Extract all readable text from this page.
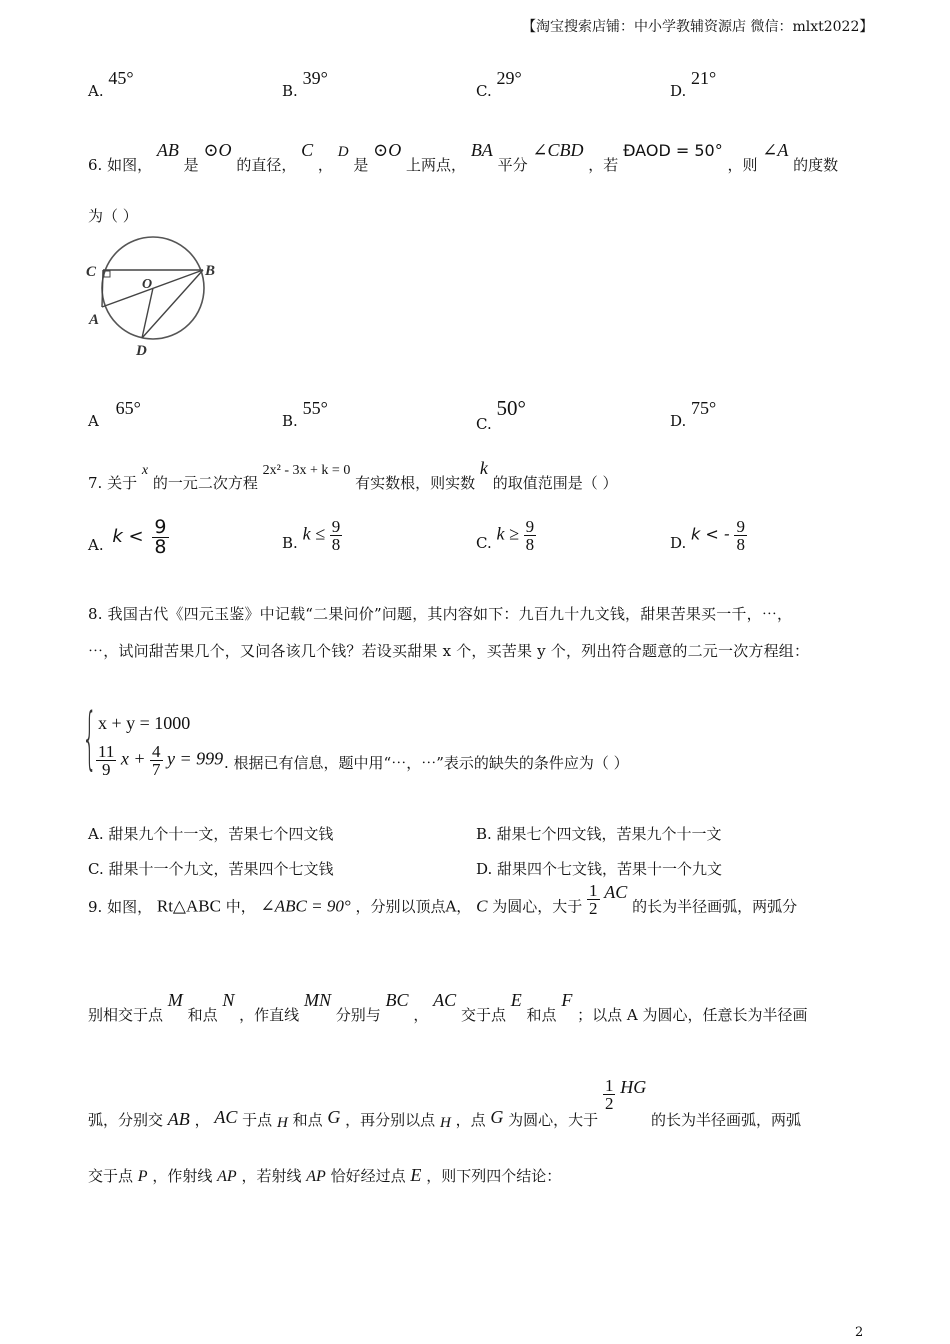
【淘宝搜索店铺：中小学教辅资源店 微信：mlxt2022】
A. 45°
B. 39°
C. 29°
D. 21°
6. 如图， AB 是 ⊙O 的直径， C ， D 是 ⊙O 上两点， BA 平分 ∠CBD ，若 ÐAOD = 50° ，则 ∠A 的度数
为（ ）
C
O
B
A
D
A 65°
B. 55°
C. 50°
D. 75°
7. 关于 x 的一元二次方程 2x² - 3x + k = 0 有实数根，则实数 k 的取值范围是（ ）
A. $k < \frac{9}{8}$	B. $k \le \frac{9}{8}$	C. $k \ge \frac{9}{8}$	D. k < - $\frac{9}{8}$
8. 我国古代《四元玉鉴》中记载“二果问价”问题，其内容如下：九百九十九文钱，甜果苦果买一千，⋯，
⋯，试问甜苦果几个，又问各该几个钱？若设买甜果 x 个，买苦果 y 个，列出符合题意的二元一次方程组：
{ x + y = 1000
$\frac{11}{9}$ $x + \frac{4}{7}$ y = 999 . 根据已有信息，题中用“⋯，⋯”表示的缺失的条件应为（ ）
A. 甜果九个十一文，苦果七个四文钱	B. 甜果七个四文钱，苦果九个十一文
C. 甜果十一个九文，苦果四个七文钱	D. 甜果四个七文钱，苦果十一个九文
9. 如图， Rt△ABC 中， ∠ABC = 90° ，分别以顶点A， C 为圆心，大于 $\frac{1}{2}$ AC 的长为半径画弧，两弧分
别相交于点 M 和点 N ，作直线 MN 分别与 BC ， AC 交于点 E 和点 F ；以点 A 为圆心，任意长为半径画
弧，分别交 AB ， AC 于点 H 和点 G ，再分别以点 H ，点 G 为圆心，大于
$\frac{1}{2}$ HG 的长为半径画弧，两弧
交于点 P ，作射线 AP ，若射线 AP 恰好经过点 E ，则下列四个结论：
2
